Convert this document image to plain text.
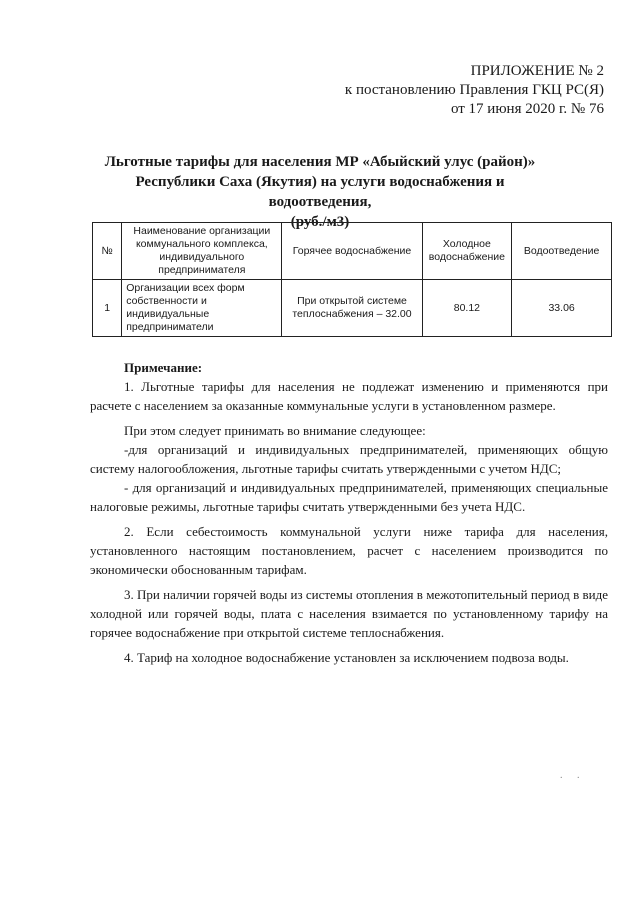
ПРИЛОЖЕНИЕ № 2
к постановлению Правления ГКЦ РС(Я)
от 17 июня 2020 г. № 76
Льготные тарифы для населения МР «Абыйский улус (район)»
Республики Саха (Якутия) на услуги водоснабжения и водоотведения,
(руб./м3)
№	Наименование организации коммунального комплекса, индивидуального предпринимателя	Горячее водоснабжение	Холодное водоснабжение	Водоотведение
1	Организации всех форм собственности и индивидуальные предприниматели	При открытой системе теплоснабжения – 32.00	80.12	33.06

Примечание:

1. Льготные тарифы для населения не подлежат изменению и применяются при расчете с населением за оказанные коммунальные услуги в установленном размере.

При этом следует принимать во внимание следующее:

-для организаций и индивидуальных предпринимателей, применяющих общую систему налогообложения, льготные тарифы считать утвержденными с учетом НДС;

- для организаций и индивидуальных предпринимателей, применяющих специальные налоговые режимы, льготные тарифы считать утвержденными без учета НДС.

2. Если себестоимость коммунальной услуги ниже тарифа для населения, установленного настоящим постановлением, расчет с населением производится по экономически обоснованным тарифам.

3. При наличии горячей воды из системы отопления в межотопительный период в виде холодной или горячей воды, плата с населения взимается по установленному тарифу на горячее водоснабжение при открытой системе теплоснабжения.

4. Тариф на холодное водоснабжение установлен за исключением подвоза воды.

. .
